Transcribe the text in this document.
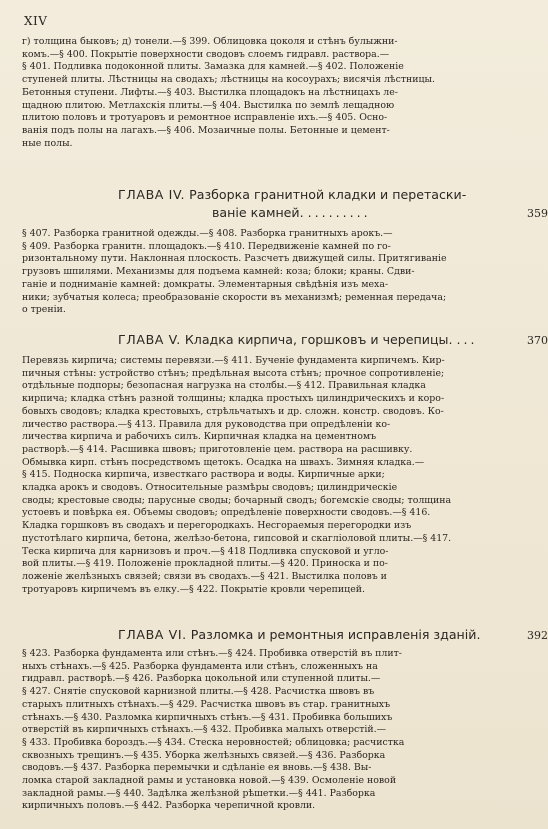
XIV
г) толщина быковъ; д) тонели.—§ 399. Облицовка цоколя и стѣнъ булыжни-
комъ.—§ 400. Покрытіе поверхности сводовъ слоемъ гидравл. раствора.—
§ 401. Подливка подоконной плиты. Замазка для камней.—§ 402. Положеніе
ступеней плиты. Лѣстницы на сводахъ; лѣстницы на косоурахъ; висячія лѣстницы.
Бетонныя ступени. Лифты.—§ 403. Выстилка площадокъ на лѣстницахъ ле-
щадною плитою. Метлахскія плиты.—§ 404. Выстилка по землѣ лещадною
плитою половъ и тротуаровъ и ремонтное исправленіе ихъ.—§ 405. Осно-
ванія подъ полы на лагахъ.—§ 406. Мозаичные полы. Бетонные и цемент-
ные полы.
ГЛАВА IV. Разборка гранитной кладки и перетаски-
ваніе камней. .........	359
§ 407. Разборка гранитной одежды.—§ 408. Разборка гранитныхъ арокъ.—
§ 409. Разборка гранитн. площадокъ.—§ 410. Передвиженіе камней по го-
ризонтальному пути. Наклонная плоскость. Разсчетъ движущей силы. Притягиваніе
грузовъ шпилями. Механизмы для подъема камней: коза; блоки; краны. Сдви-
ганіе и подниманіе камней: домкраты. Элементарныя свѣдѣнія изъ меха-
ники; зубчатыя колеса; преобразованіе скорости въ механизмѣ; ременная передача;
о треніи.
ГЛАВА V. Кладка кирпича, горшковъ и черепицы. ...	370
Перевязь кирпича; системы перевязи.—§ 411. Бученіе фундамента кирпичемъ. Кир-
пичныя стѣны: устройство стѣнъ; предѣльная высота стѣнъ; прочное сопротивленіе;
отдѣльные подпоры; безопасная нагрузка на столбы.—§ 412. Правильная кладка
кирпича; кладка стѣнъ разной толщины; кладка простыхъ цилиндрическихъ и коро-
бовыхъ сводовъ; кладка крестовыхъ, стрѣльчатыхъ и др. сложн. констр. сводовъ. Ко-
личество раствора.—§ 413. Правила для руководства при опредѣленіи ко-
личества кирпича и рабочихъ силъ. Кирпичная кладка на цементномъ
растворѣ.—§ 414. Расшивка швовъ; приготовленіе цем. раствора на расшивку.
Обмывка кирп. стѣнъ посредствомъ щетокъ. Осадка на швахъ. Зимняя кладка.—
§ 415. Подноска кирпича, известкаго раствора и воды. Кирпичные арки;
кладка арокъ и сводовъ. Относительные размѣры сводовъ; цилиндрическіе
своды; крестовые своды; парусные своды; бочарный сводъ; богемскіе своды; толщина
устоевъ и повѣрка ея. Объемы сводовъ; опредѣленіе поверхности сводовъ.—§ 416.
Кладка горшковъ въ сводахъ и перегородкахъ. Несгораемыя перегородки изъ
пустотѣлаго кирпича, бетона, желѣзо-бетона, гипсовой и скагліоловой плиты.—§ 417.
Теска кирпича для карнизовъ и проч.—§ 418 Подливка спусковой и угло-
вой плиты.—§ 419. Положеніе прокладной плиты.—§ 420. Приноска и по-
ложеніе желѣзныхъ связей; связи въ сводахъ.—§ 421. Выстилка половъ и
тротуаровъ кирпичемъ въ елку.—§ 422. Покрытіе кровли черепицей.
ГЛАВА VI. Разломка и ремонтныя исправленія зданій.	392
§ 423. Разборка фундамента или стѣнъ.—§ 424. Пробивка отверстій въ плит-
ныхъ стѣнахъ.—§ 425. Разборка фундамента или стѣнъ, сложенныхъ на
гидравл. растворѣ.—§ 426. Разборка цокольной или ступенной плиты.—
§ 427. Снятіе спусковой карнизной плиты.—§ 428. Расчистка швовъ въ
старыхъ плитныхъ стѣнахъ.—§ 429. Расчистка швовъ въ стар. гранитныхъ
стѣнахъ.—§ 430. Разломка кирпичныхъ стѣнъ.—§ 431. Пробивка большихъ
отверстій въ кирпичныхъ стѣнахъ.—§ 432. Пробивка малыхъ отверстій.—
§ 433. Пробивка бороздъ.—§ 434. Стеска неровностей; облицовка; расчистка
сквозныхъ трещинъ.—§ 435. Уборка желѣзныхъ связей.—§ 436. Разборка
сводовъ.—§ 437. Разборка перемычки и сдѣланіе ея вновь.—§ 438. Вы-
ломка старой закладной рамы и установка новой.—§ 439. Осмоленіе новой
закладной рамы.—§ 440. Задѣлка желѣзной рѣшетки.—§ 441. Разборка
кирпичныхъ половъ.—§ 442. Разборка черепичной кровли.
